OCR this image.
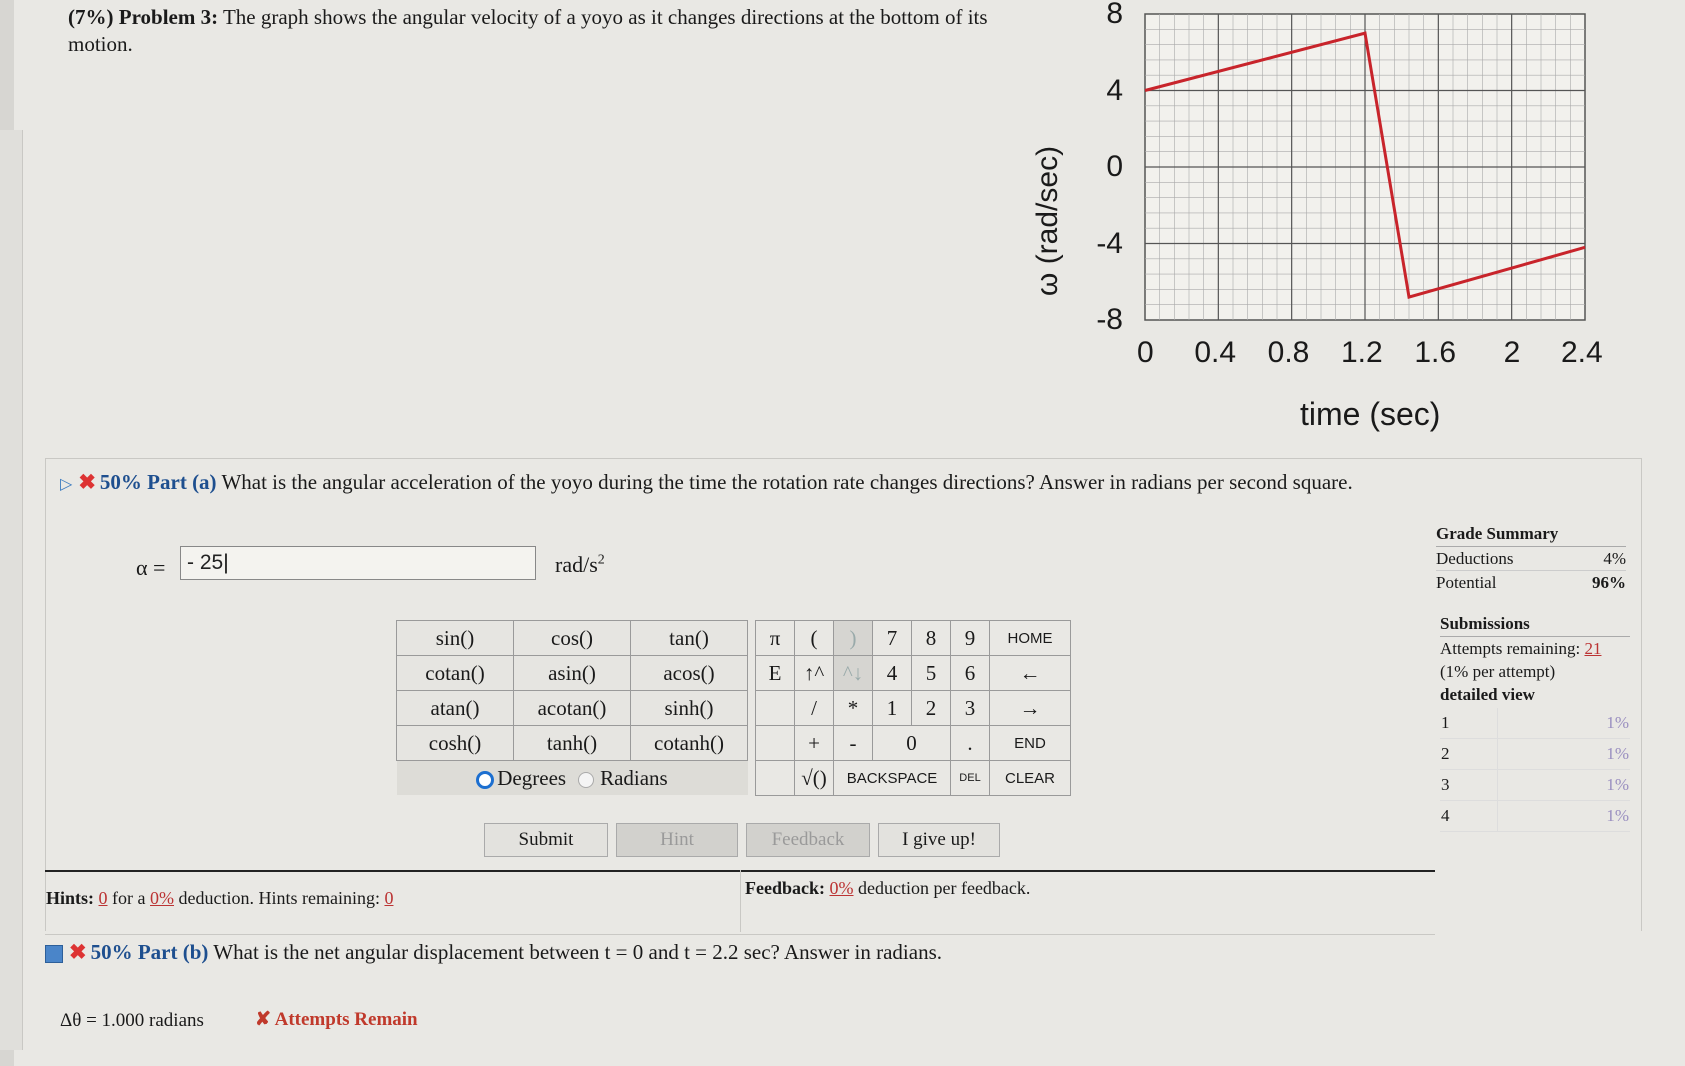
(7%) Problem 3: The graph shows the angular velocity of a yoyo as it changes directions at the bottom of its motion.
ω (rad/sec)
time (sec)
8
4
0
-4
-8
0 0.4 0.8 1.2 1.6 2 2.4
▷ ✖ 50% Part (a) What is the angular acceleration of the yoyo during the time the rotation rate changes directions? Answer in radians per second square.
α =	- 25|	rad/$s^2$
sin()	cos()	tan()
cotan()	asin()	acos()
atan()	acotan()	sinh()
cosh()	tanh()	cotanh()
Degrees Radians		
π	(	)	7	8	9	HOME
E	↑^	^↓	4	5	6	←
	/	*	1	2	3	→
	+	-	0		.	END
	√()	BACKSPACE			DEL	CLEAR
Submit	Hint	Feedback	I give up!
Hints: 0 for a 0% deduction. Hints remaining: 0	Feedback: 0% deduction per feedback.
✖ 50% Part (b) What is the net angular displacement between t = 0 and t = 2.2 sec? Answer in radians.
Δθ = 1.000 radians	✘ Attempts Remain
Grade Summary
Deductions	4%
Potential	96%
Submissions
Attempts remaining: 21
(1% per attempt)
detailed view
1	1%
2	1%
3	1%
4	1%
